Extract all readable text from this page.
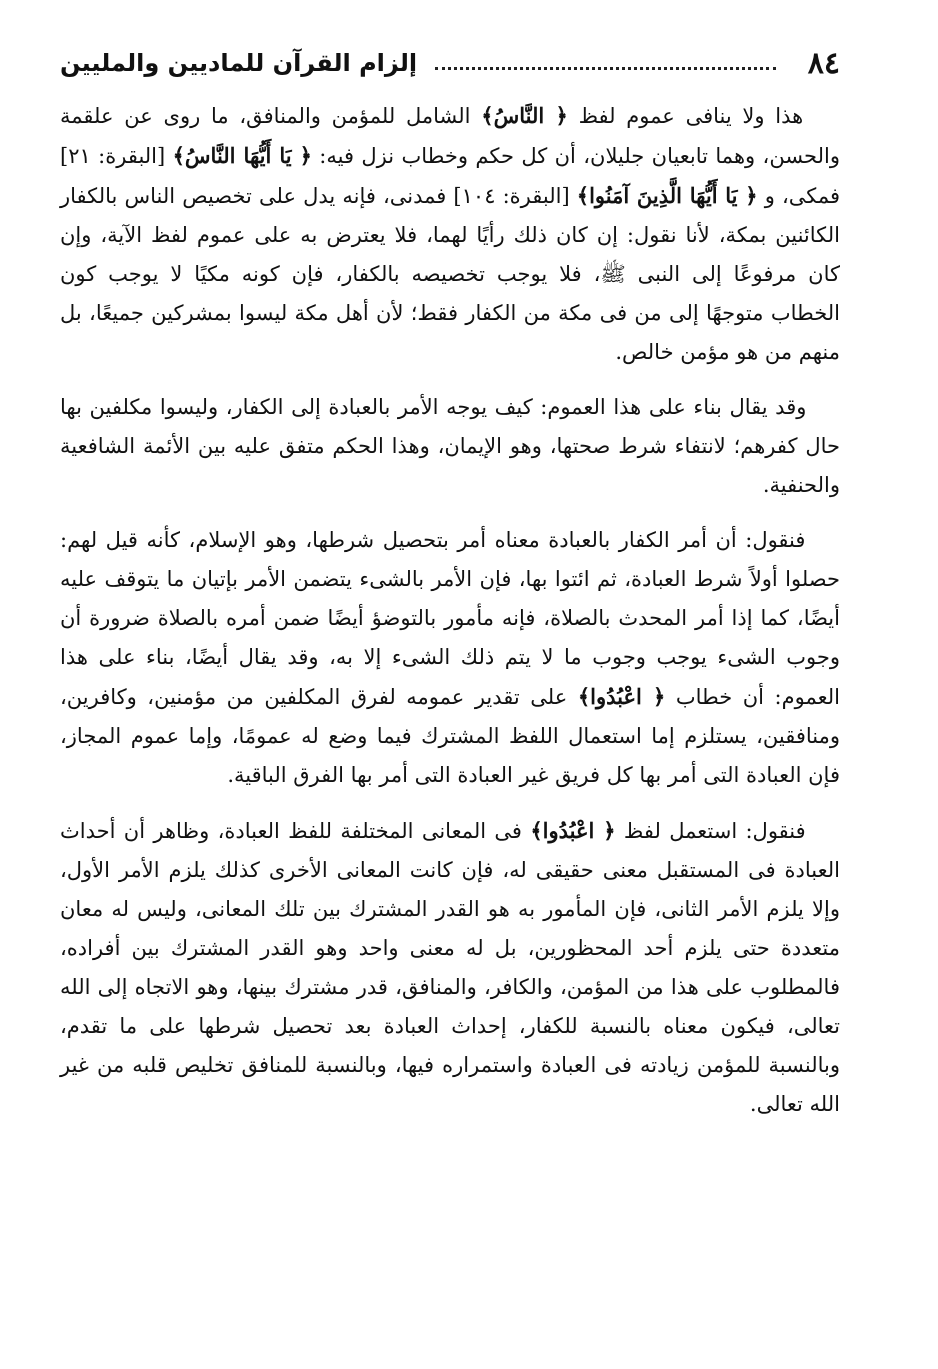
٨٤
إلزام القرآن للماديين والمليين

هذا ولا ينافى عموم لفظ ﴿ النَّاسُ﴾ الشامل للمؤمن والمنافق، ما روى عن علقمة والحسن، وهما تابعيان جليلان، أن كل حكم وخطاب نزل فيه: ﴿ يَا أَيُّهَا النَّاسُ﴾ [البقرة: ٢١] فمكى، و ﴿ يَا أَيُّهَا الَّذِينَ آمَنُوا﴾ [البقرة: ١٠٤] فمدنى، فإنه يدل على تخصيص الناس بالكفار الكائنين بمكة، لأنا نقول: إن كان ذلك رأيًا لهما، فلا يعترض به على عموم لفظ الآية، وإن كان مرفوعًا إلى النبى ﷺ، فلا يوجب تخصيصه بالكفار، فإن كونه مكيًا لا يوجب كون الخطاب متوجهًا إلى من فى مكة من الكفار فقط؛ لأن أهل مكة ليسوا بمشركين جميعًا، بل منهم من هو مؤمن خالص.

وقد يقال بناء على هذا العموم: كيف يوجه الأمر بالعبادة إلى الكفار، وليسوا مكلفين بها حال كفرهم؛ لانتفاء شرط صحتها، وهو الإيمان، وهذا الحكم متفق عليه بين الأئمة الشافعية والحنفية.

فنقول: أن أمر الكفار بالعبادة معناه أمر بتحصيل شرطها، وهو الإسلام، كأنه قيل لهم: حصلوا أولاً شرط العبادة، ثم ائتوا بها، فإن الأمر بالشىء يتضمن الأمر بإتيان ما يتوقف عليه أيضًا، كما إذا أمر المحدث بالصلاة، فإنه مأمور بالتوضؤ أيضًا ضمن أمره بالصلاة ضرورة أن وجوب الشىء يوجب وجوب ما لا يتم ذلك الشىء إلا به، وقد يقال أيضًا، بناء على هذا العموم: أن خطاب ﴿ اعْبُدُوا﴾ على تقدير عمومه لفرق المكلفين من مؤمنين، وكافرين، ومنافقين، يستلزم إما استعمال اللفظ المشترك فيما وضع له عمومًا، وإما عموم المجاز، فإن العبادة التى أمر بها كل فريق غير العبادة التى أمر بها الفرق الباقية.

فنقول: استعمل لفظ ﴿ اعْبُدُوا﴾ فى المعانى المختلفة للفظ العبادة، وظاهر أن أحداث العبادة فى المستقبل معنى حقيقى له، فإن كانت المعانى الأخرى كذلك يلزم الأمر الأول، وإلا يلزم الأمر الثانى، فإن المأمور به هو القدر المشترك بين تلك المعانى، وليس له معان متعددة حتى يلزم أحد المحظورين، بل له معنى واحد وهو القدر المشترك بين أفراده، فالمطلوب على هذا من المؤمن، والكافر، والمنافق، قدر مشترك بينها، وهو الاتجاه إلى الله تعالى، فيكون معناه بالنسبة للكفار، إحداث العبادة بعد تحصيل شرطها على ما تقدم، وبالنسبة للمؤمن زيادته فى العبادة واستمراره فيها، وبالنسبة للمنافق تخليص قلبه من غير الله تعالى.
